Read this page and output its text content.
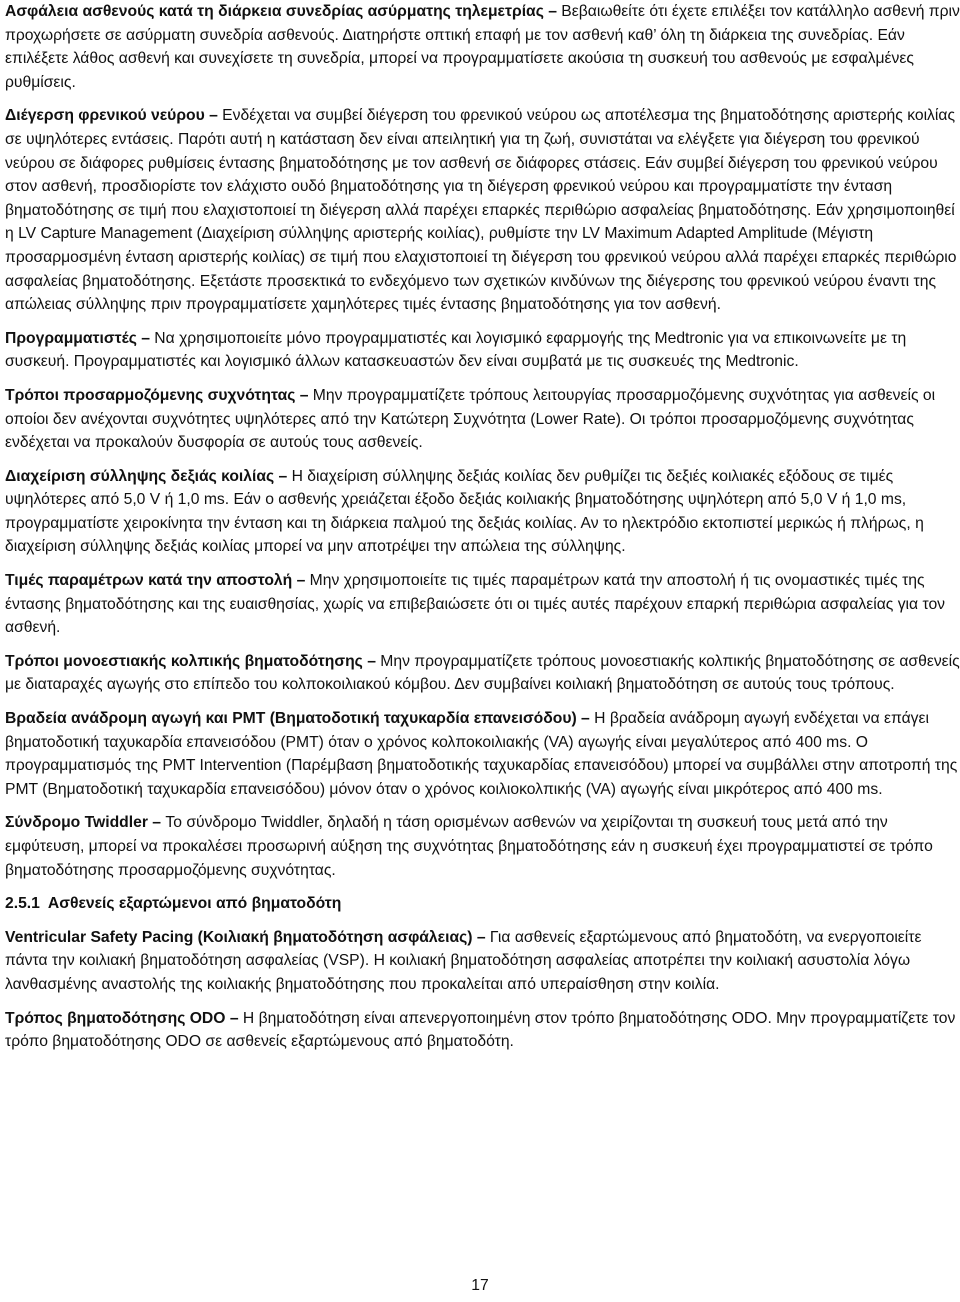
Ασφάλεια ασθενούς κατά τη διάρκεια συνεδρίας ασύρματης τηλεμετρίας – Βεβαιωθείτε ότι έχετε επιλέξει τον κατάλληλο ασθενή πριν προχωρήσετε σε ασύρματη συνεδρία ασθενούς. Διατηρήστε οπτική επαφή με τον ασθενή καθ’ όλη τη διάρκεια της συνεδρίας. Εάν επιλέξετε λάθος ασθενή και συνεχίσετε τη συνεδρία, μπορεί να προγραμματίσετε ακούσια τη συσκευή του ασθενούς με εσφαλμένες ρυθμίσεις.

Διέγερση φρενικού νεύρου – Ενδέχεται να συμβεί διέγερση του φρενικού νεύρου ως αποτέλεσμα της βηματοδότησης αριστερής κοιλίας σε υψηλότερες εντάσεις. Παρότι αυτή η κατάσταση δεν είναι απειλητική για τη ζωή, συνιστάται να ελέγξετε για διέγερση του φρενικού νεύρου σε διάφορες ρυθμίσεις έντασης βηματοδότησης με τον ασθενή σε διάφορες στάσεις. Εάν συμβεί διέγερση του φρενικού νεύρου στον ασθενή, προσδιορίστε τον ελάχιστο ουδό βηματοδότησης για τη διέγερση φρενικού νεύρου και προγραμματίστε την ένταση βηματοδότησης σε τιμή που ελαχιστοποιεί τη διέγερση αλλά παρέχει επαρκές περιθώριο ασφαλείας βηματοδότησης. Εάν χρησιμοποιηθεί η LV Capture Management (Διαχείριση σύλληψης αριστερής κοιλίας), ρυθμίστε την LV Maximum Adapted Amplitude (Μέγιστη προσαρμοσμένη ένταση αριστερής κοιλίας) σε τιμή που ελαχιστοποιεί τη διέγερση του φρενικού νεύρου αλλά παρέχει επαρκές περιθώριο ασφαλείας βηματοδότησης. Εξετάστε προσεκτικά το ενδεχόμενο των σχετικών κινδύνων της διέγερσης του φρενικού νεύρου έναντι της απώλειας σύλληψης πριν προγραμματίσετε χαμηλότερες τιμές έντασης βηματοδότησης για τον ασθενή.

Προγραμματιστές – Να χρησιμοποιείτε μόνο προγραμματιστές και λογισμικό εφαρμογής της Medtronic για να επικοινωνείτε με τη συσκευή. Προγραμματιστές και λογισμικό άλλων κατασκευαστών δεν είναι συμβατά με τις συσκευές της Medtronic.

Τρόποι προσαρμοζόμενης συχνότητας – Μην προγραμματίζετε τρόπους λειτουργίας προσαρμοζόμενης συχνότητας για ασθενείς οι οποίοι δεν ανέχονται συχνότητες υψηλότερες από την Κατώτερη Συχνότητα (Lower Rate). Οι τρόποι προσαρμοζόμενης συχνότητας ενδέχεται να προκαλούν δυσφορία σε αυτούς τους ασθενείς.

Διαχείριση σύλληψης δεξιάς κοιλίας – Η διαχείριση σύλληψης δεξιάς κοιλίας δεν ρυθμίζει τις δεξιές κοιλιακές εξόδους σε τιμές υψηλότερες από 5,0 V ή 1,0 ms. Εάν ο ασθενής χρειάζεται έξοδο δεξιάς κοιλιακής βηματοδότησης υψηλότερη από 5,0 V ή 1,0 ms, προγραμματίστε χειροκίνητα την ένταση και τη διάρκεια παλμού της δεξιάς κοιλίας. Αν το ηλεκτρόδιο εκτοπιστεί μερικώς ή πλήρως, η διαχείριση σύλληψης δεξιάς κοιλίας μπορεί να μην αποτρέψει την απώλεια της σύλληψης.

Τιμές παραμέτρων κατά την αποστολή – Μην χρησιμοποιείτε τις τιμές παραμέτρων κατά την αποστολή ή τις ονομαστικές τιμές της έντασης βηματοδότησης και της ευαισθησίας, χωρίς να επιβεβαιώσετε ότι οι τιμές αυτές παρέχουν επαρκή περιθώρια ασφαλείας για τον ασθενή.

Τρόποι μονοεστιακής κολπικής βηματοδότησης – Μην προγραμματίζετε τρόπους μονοεστιακής κολπικής βηματοδότησης σε ασθενείς με διαταραχές αγωγής στο επίπεδο του κολποκοιλιακού κόμβου. Δεν συμβαίνει κοιλιακή βηματοδότηση σε αυτούς τους τρόπους.

Βραδεία ανάδρομη αγωγή και PMT (Βηματοδοτική ταχυκαρδία επανεισόδου) – Η βραδεία ανάδρομη αγωγή ενδέχεται να επάγει βηματοδοτική ταχυκαρδία επανεισόδου (PMT) όταν ο χρόνος κολποκοιλιακής (VA) αγωγής είναι μεγαλύτερος από 400 ms. Ο προγραμματισμός της PMT Intervention (Παρέμβαση βηματοδοτικής ταχυκαρδίας επανεισόδου) μπορεί να συμβάλλει στην αποτροπή της PMT (Βηματοδοτική ταχυκαρδία επανεισόδου) μόνον όταν ο χρόνος κοιλιοκολπικής (VA) αγωγής είναι μικρότερος από 400 ms.

Σύνδρομο Twiddler – Το σύνδρομο Twiddler, δηλαδή η τάση ορισμένων ασθενών να χειρίζονται τη συσκευή τους μετά από την εμφύτευση, μπορεί να προκαλέσει προσωρινή αύξηση της συχνότητας βηματοδότησης εάν η συσκευή έχει προγραμματιστεί σε τρόπο βηματοδότησης προσαρμοζόμενης συχνότητας.

2.5.1 Ασθενείς εξαρτώμενοι από βηματοδότη

Ventricular Safety Pacing (Κοιλιακή βηματοδότηση ασφάλειας) – Για ασθενείς εξαρτώμενους από βηματοδότη, να ενεργοποιείτε πάντα την κοιλιακή βηματοδότηση ασφαλείας (VSP). Η κοιλιακή βηματοδότηση ασφαλείας αποτρέπει την κοιλιακή ασυστολία λόγω λανθασμένης αναστολής της κοιλιακής βηματοδότησης που προκαλείται από υπεραίσθηση στην κοιλία.

Τρόπος βηματοδότησης ODO – Η βηματοδότηση είναι απενεργοποιημένη στον τρόπο βηματοδότησης ODO. Μην προγραμματίζετε τον τρόπο βηματοδότησης ODO σε ασθενείς εξαρτώμενους από βηματοδότη.

17
